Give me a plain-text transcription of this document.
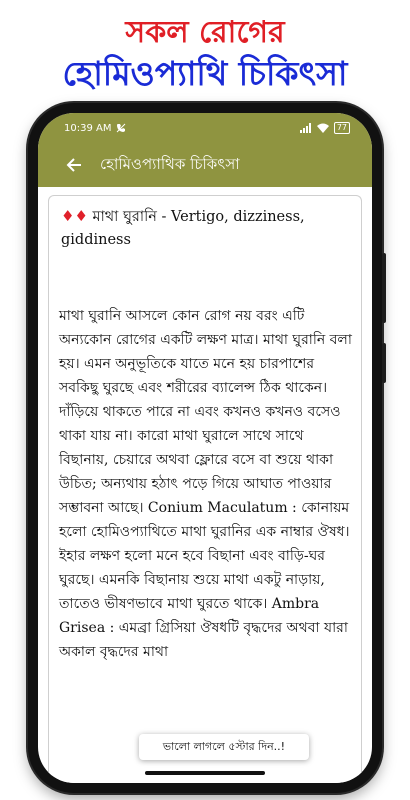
সকল রোগের
হোমিওপ্যাথি চিকিৎসা
10:39 AM	77
হোমিওপ্যাথিক চিকিৎসা
♦♦ মাথা ঘুরানি - Vertigo, dizziness, giddiness
মাথা ঘুরানি আসলে কোন রোগ নয় বরং এটি অন্যকোন রোগের একটি লক্ষণ মাত্র। মাথা ঘুরানি বলা হয়। এমন অনুভূতিকে যাতে মনে হয় চারপাশের সবকিছু ঘুরছে এবং শরীরের ব্যালেন্স ঠিক থাকেন। দাঁড়িয়ে থাকতে পারে না এবং কখনও কখনও বসেও থাকা যায় না। কারো মাথা ঘুরালে সাথে সাথে বিছানায়, চেয়ারে অথবা ফ্লোরে বসে বা শুয়ে থাকা উচিত; অন্যথায় হঠাৎ পড়ে গিয়ে আঘাত পাওয়ার সম্ভাবনা আছে। Conium Maculatum : কোনায়ম হলো হোমিওপ্যাথিতে মাথা ঘুরানির এক নাম্বার ঔষধ। ইহার লক্ষণ হলো মনে হবে বিছানা এবং বাড়ি-ঘর ঘুরছে। এমনকি বিছানায় শুয়ে মাথা একটু নাড়ায়, তাতেও ভীষণভাবে মাথা ঘুরতে থাকে। Ambra Grisea : এমব্রা গ্রিসিয়া ঔষধটি বৃদ্ধদের অথবা যারা অকাল বৃদ্ধদের মাথা
ভালো লাগলে ৫স্টার দিন..!
